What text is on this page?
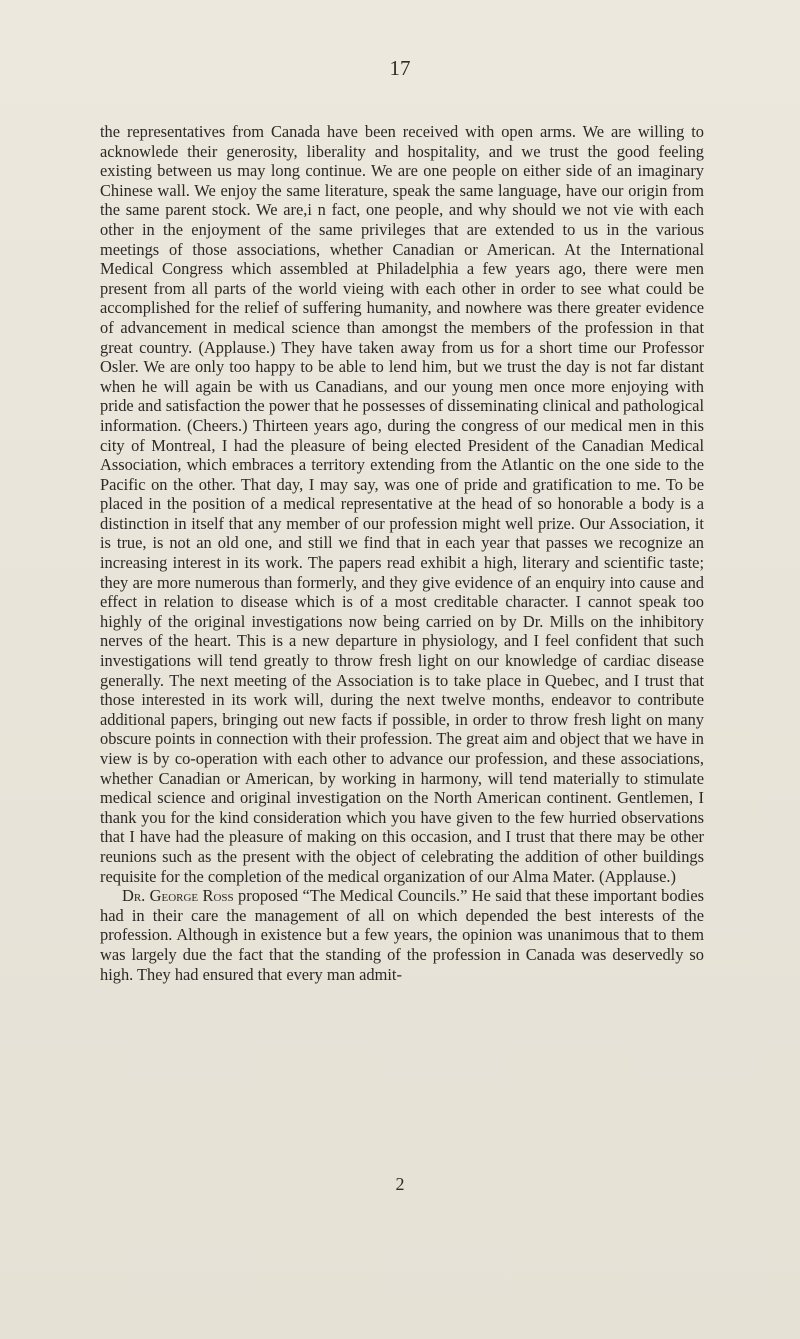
17

the representatives from Canada have been received with open arms. We are willing to acknowlede their generosity, liberality and hospitality, and we trust the good feeling existing between us may long continue. We are one people on either side of an imaginary Chinese wall. We enjoy the same literature, speak the same language, have our origin from the same parent stock. We are,i n fact, one people, and why should we not vie with each other in the enjoyment of the same privileges that are extended to us in the various meetings of those associations, whether Canadian or American. At the International Medical Congress which assembled at Philadelphia a few years ago, there were men present from all parts of the world vieing with each other in order to see what could be accomplished for the relief of suffering humanity, and nowhere was there greater evidence of advancement in medical science than amongst the members of the profession in that great country. (Applause.) They have taken away from us for a short time our Professor Osler. We are only too happy to be able to lend him, but we trust the day is not far distant when he will again be with us Canadians, and our young men once more enjoying with pride and satisfaction the power that he possesses of disseminating clinical and pathological information. (Cheers.) Thirteen years ago, during the congress of our medical men in this city of Montreal, I had the pleasure of being elected President of the Canadian Medical Association, which embraces a territory extending from the Atlantic on the one side to the Pacific on the other. That day, I may say, was one of pride and gratification to me. To be placed in the position of a medical representative at the head of so honorable a body is a distinction in itself that any member of our profession might well prize. Our Association, it is true, is not an old one, and still we find that in each year that passes we recognize an increasing interest in its work. The papers read exhibit a high, literary and scientific taste; they are more numerous than formerly, and they give evidence of an enquiry into cause and effect in relation to disease which is of a most creditable character. I cannot speak too highly of the original investigations now being carried on by Dr. Mills on the inhibitory nerves of the heart. This is a new departure in physiology, and I feel confident that such investigations will tend greatly to throw fresh light on our knowledge of cardiac disease generally. The next meeting of the Association is to take place in Quebec, and I trust that those interested in its work will, during the next twelve months, endeavor to contribute additional papers, bringing out new facts if possible, in order to throw fresh light on many obscure points in connection with their profession. The great aim and object that we have in view is by co-operation with each other to advance our profession, and these associations, whether Canadian or American, by working in harmony, will tend materially to stimulate medical science and original investigation on the North American continent. Gentlemen, I thank you for the kind consideration which you have given to the few hurried observations that I have had the pleasure of making on this occasion, and I trust that there may be other reunions such as the present with the object of celebrating the addition of other buildings requisite for the completion of the medical organization of our Alma Mater. (Applause.)

Dr. George Ross proposed “The Medical Councils.” He said that these important bodies had in their care the management of all on which depended the best interests of the profession. Although in existence but a few years, the opinion was unanimous that to them was largely due the fact that the standing of the profession in Canada was deservedly so high. They had ensured that every man admit-

2
